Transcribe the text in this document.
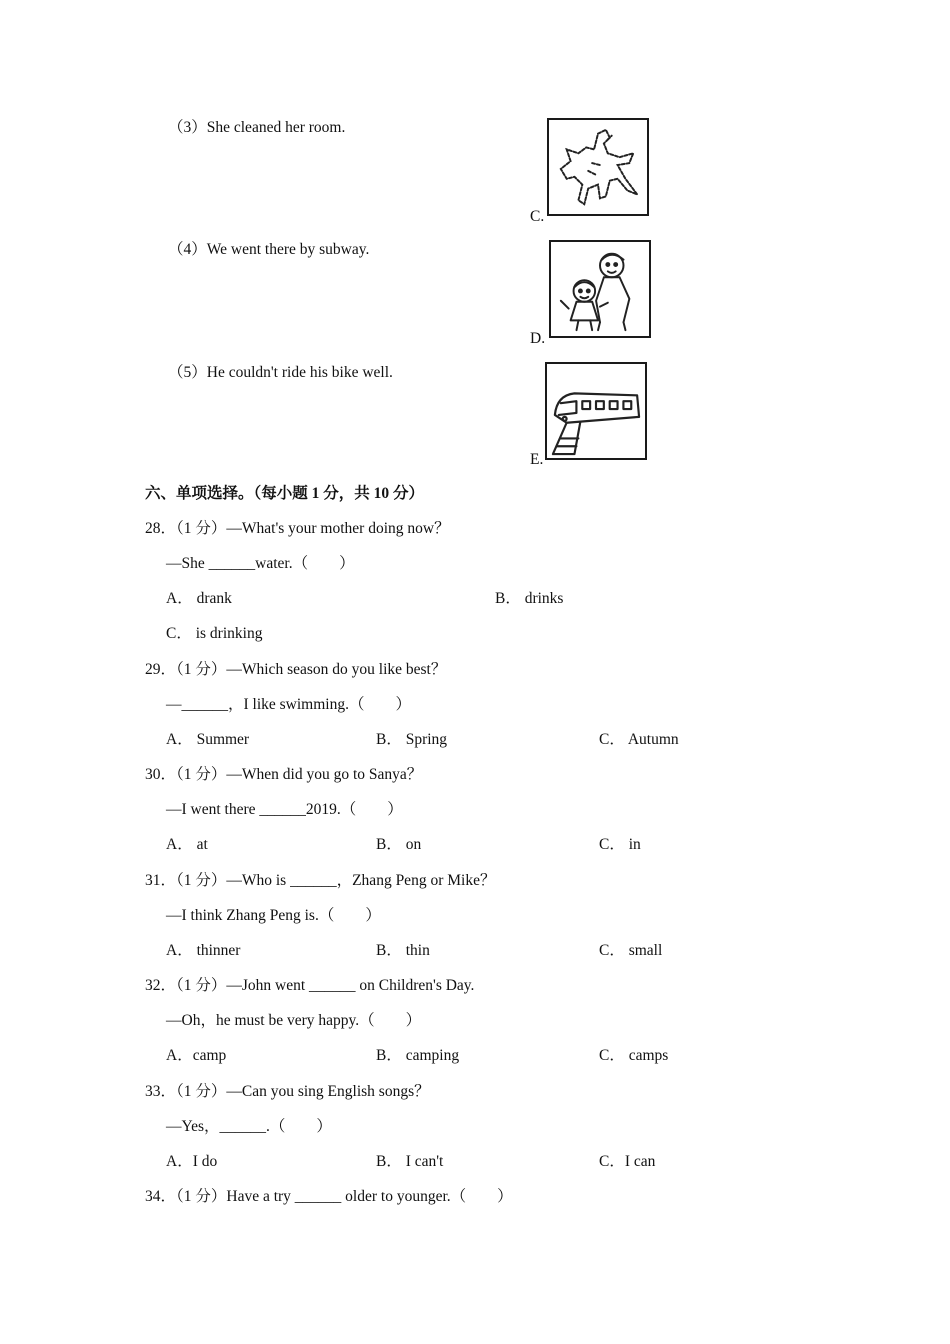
（3）She cleaned her room.
C.
（4）We went there by subway.
D.
（5）He couldn't ride his bike well.
E.
六、单项选择。（每小题 1 分，共 10 分）
28．（1 分）—What's your mother doing now？
—She ______water.（　　）
A． drank	B． drinks
C． is drinking
29．（1 分）—Which season do you like best？
—______，I like swimming.（　　）
A． Summer	B． Spring	C． Autumn
30．（1 分）—When did you go to Sanya？
—I went there ______2019.（　　）
A． at	B． on	C． in
31．（1 分）—Who is ______，Zhang Peng or Mike？
—I think Zhang Peng is.（　　）
A． thinner	B． thin	C． small
32．（1 分）—John went ______ on Children's Day.
—Oh，he must be very happy.（　　）
A．camp	B． camping	C． camps
33．（1 分）—Can you sing English songs？
—Yes，______.（　　）
A．I do	B． I can't	C．I can
34．（1 分）Have a try ______ older to younger.（　　）
